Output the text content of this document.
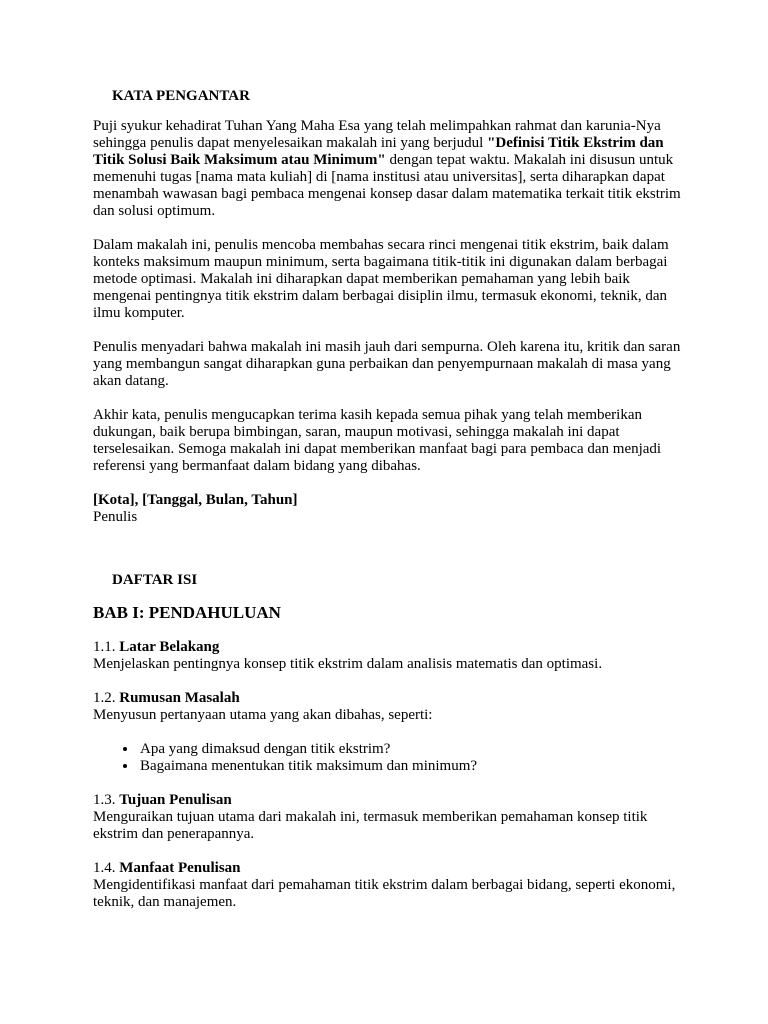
KATA PENGANTAR

Puji syukur kehadirat Tuhan Yang Maha Esa yang telah melimpahkan rahmat dan karunia-Nya sehingga penulis dapat menyelesaikan makalah ini yang berjudul "Definisi Titik Ekstrim dan Titik Solusi Baik Maksimum atau Minimum" dengan tepat waktu. Makalah ini disusun untuk memenuhi tugas [nama mata kuliah] di [nama institusi atau universitas], serta diharapkan dapat menambah wawasan bagi pembaca mengenai konsep dasar dalam matematika terkait titik ekstrim dan solusi optimum.

Dalam makalah ini, penulis mencoba membahas secara rinci mengenai titik ekstrim, baik dalam konteks maksimum maupun minimum, serta bagaimana titik-titik ini digunakan dalam berbagai metode optimasi. Makalah ini diharapkan dapat memberikan pemahaman yang lebih baik mengenai pentingnya titik ekstrim dalam berbagai disiplin ilmu, termasuk ekonomi, teknik, dan ilmu komputer.

Penulis menyadari bahwa makalah ini masih jauh dari sempurna. Oleh karena itu, kritik dan saran yang membangun sangat diharapkan guna perbaikan dan penyempurnaan makalah di masa yang akan datang.

Akhir kata, penulis mengucapkan terima kasih kepada semua pihak yang telah memberikan dukungan, baik berupa bimbingan, saran, maupun motivasi, sehingga makalah ini dapat terselesaikan. Semoga makalah ini dapat memberikan manfaat bagi para pembaca dan menjadi referensi yang bermanfaat dalam bidang yang dibahas.

[Kota], [Tanggal, Bulan, Tahun]
Penulis
DAFTAR ISI
BAB I: PENDAHULUAN
1.1. Latar Belakang
Menjelaskan pentingnya konsep titik ekstrim dalam analisis matematis dan optimasi.
1.2. Rumusan Masalah
Menyusun pertanyaan utama yang akan dibahas, seperti:
• Apa yang dimaksud dengan titik ekstrim?
• Bagaimana menentukan titik maksimum dan minimum?
1.3. Tujuan Penulisan
Menguraikan tujuan utama dari makalah ini, termasuk memberikan pemahaman konsep titik ekstrim dan penerapannya.
1.4. Manfaat Penulisan
Mengidentifikasi manfaat dari pemahaman titik ekstrim dalam berbagai bidang, seperti ekonomi, teknik, dan manajemen.
